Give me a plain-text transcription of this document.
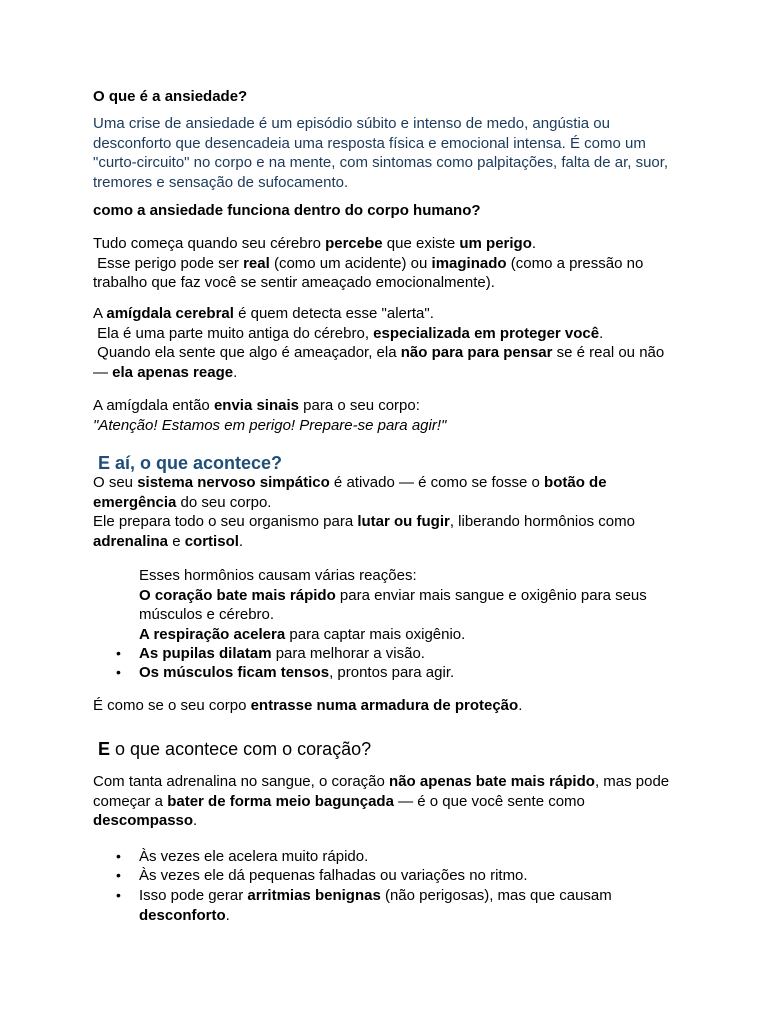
O que é a ansiedade?

Uma crise de ansiedade é um episódio súbito e intenso de medo, angústia ou desconforto que desencadeia uma resposta física e emocional intensa. É como um "curto-circuito" no corpo e na mente, com sintomas como palpitações, falta de ar, suor, tremores e sensação de sufocamento.

como a ansiedade funciona dentro do corpo humano?

Tudo começa quando seu cérebro percebe que existe um perigo.
Esse perigo pode ser real (como um acidente) ou imaginado (como a pressão no trabalho que faz você se sentir ameaçado emocionalmente).

A amígdala cerebral é quem detecta esse "alerta".
Ela é uma parte muito antiga do cérebro, especializada em proteger você.
Quando ela sente que algo é ameaçador, ela não para para pensar se é real ou não — ela apenas reage.

A amígdala então envia sinais para o seu corpo:
"Atenção! Estamos em perigo! Prepare-se para agir!"

E aí, o que acontece?

O seu sistema nervoso simpático é ativado — é como se fosse o botão de emergência do seu corpo.
Ele prepara todo o seu organismo para lutar ou fugir, liberando hormônios como adrenalina e cortisol.

Esses hormônios causam várias reações:
O coração bate mais rápido para enviar mais sangue e oxigênio para seus músculos e cérebro.
A respiração acelera para captar mais oxigênio.

• As pupilas dilatam para melhorar a visão.
• Os músculos ficam tensos, prontos para agir.

É como se o seu corpo entrasse numa armadura de proteção.

E o que acontece com o coração?

Com tanta adrenalina no sangue, o coração não apenas bate mais rápido, mas pode começar a bater de forma meio bagunçada — é o que você sente como descompasso.

• Às vezes ele acelera muito rápido.
• Às vezes ele dá pequenas falhadas ou variações no ritmo.
• Isso pode gerar arritmias benignas (não perigosas), mas que causam
desconforto.
